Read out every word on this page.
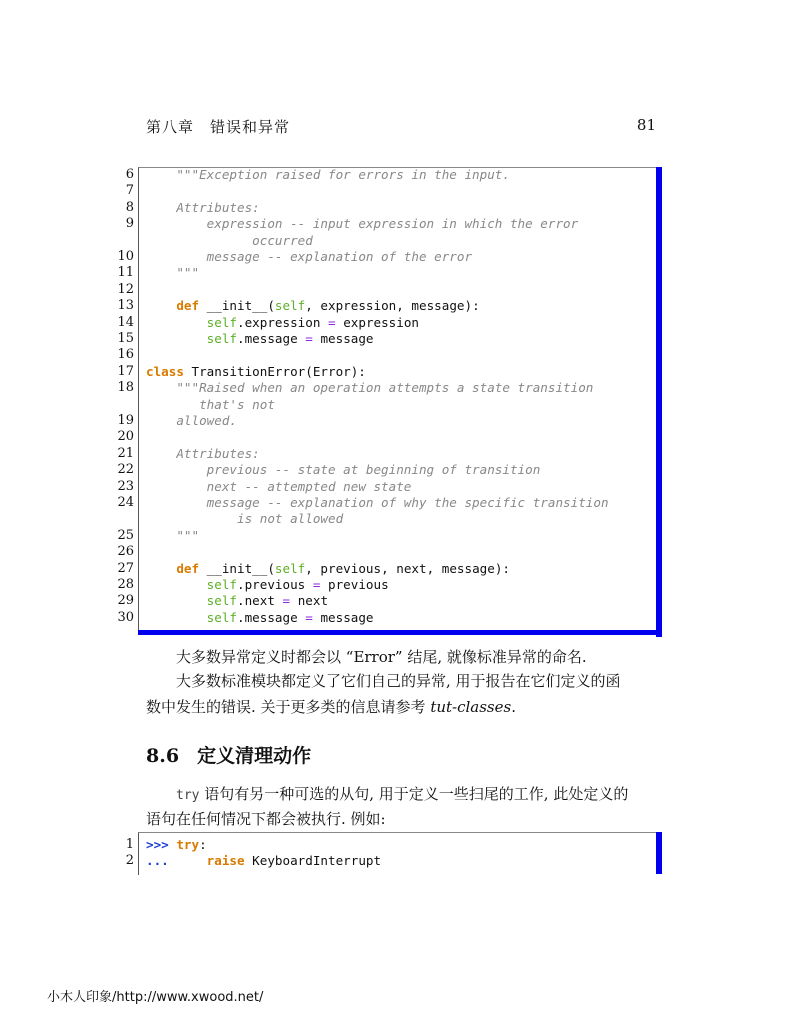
第八章　错误和异常	81
6	"""Exception raised for errors in the input.
7
8	Attributes:
9	expression -- input expression in which the error
occurred
10	message -- explanation of the error
11	"""
12
13	def __init__(self, expression, message):
14	self.expression = expression
15	self.message = message
16
17 class TransitionError(Error):
18	"""Raised when an operation attempts a state transition
that's not
19	allowed.
20
21	Attributes:
22	previous -- state at beginning of transition
23	next -- attempted new state
24	message -- explanation of why the specific transition
is not allowed
25	"""
26
27	def __init__(self, previous, next, message):
28	self.previous = previous
29	self.next = next
30	self.message = message
大多数异常定义时都会以 “Error” 结尾, 就像标准异常的命名.
大多数标准模块都定义了它们自己的异常, 用于报告在它们定义的函
数中发生的错误. 关于更多类的信息请参考 tut-classes.
8.6 定义清理动作
try 语句有另一种可选的从句, 用于定义一些扫尾的工作, 此处定义的
语句在任何情况下都会被执行. 例如:
1 >>> try:
2 ...     raise KeyboardInterrupt
小木人印象/http://www.xwood.net/
